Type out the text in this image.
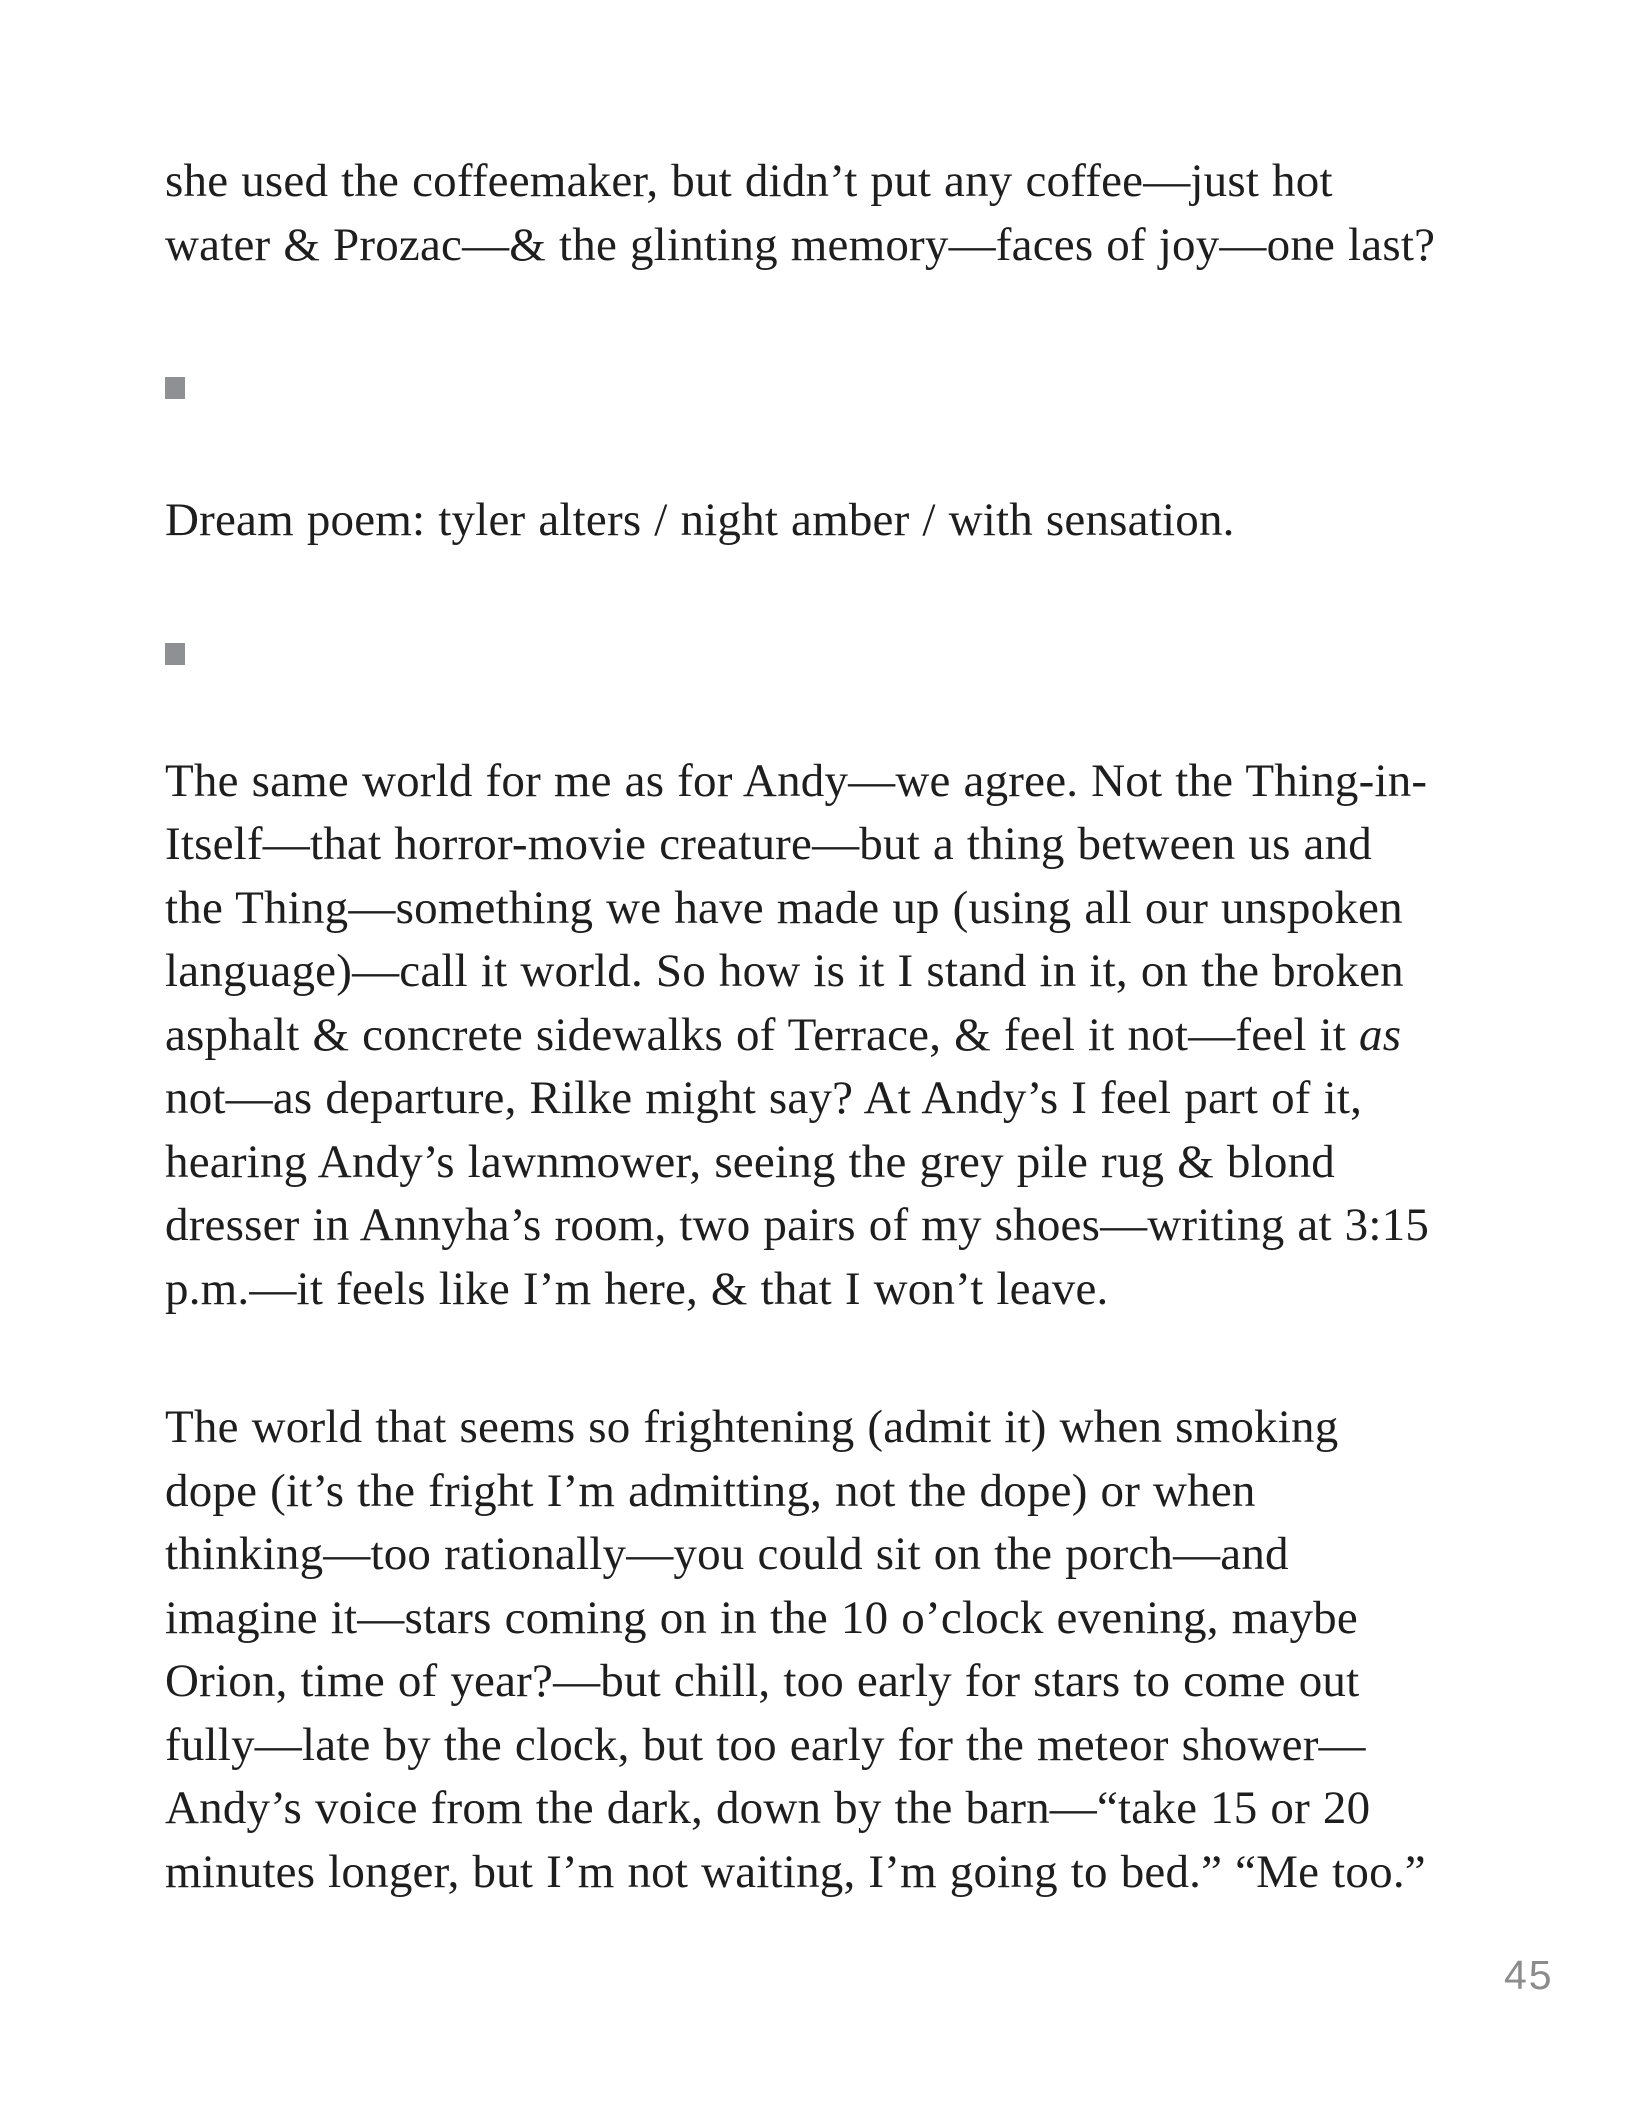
she used the coffeemaker, but didn’t put any coffee—just hot
water & Prozac—& the glinting memory—faces of joy—one last?

Dream poem: tyler alters / night amber / with sensation.

The same world for me as for Andy—we agree. Not the Thing-in-
Itself—that horror-movie creature—but a thing between us and
the Thing—something we have made up (using all our unspoken
language)—call it world. So how is it I stand in it, on the broken
asphalt & concrete sidewalks of Terrace, & feel it not—feel it as
not—as departure, Rilke might say? At Andy’s I feel part of it,
hearing Andy’s lawnmower, seeing the grey pile rug & blond
dresser in Annyha’s room, two pairs of my shoes—writing at 3:15
p.m.—it feels like I’m here, & that I won’t leave.

The world that seems so frightening (admit it) when smoking
dope (it’s the fright I’m admitting, not the dope) or when
thinking—too rationally—you could sit on the porch—and
imagine it—stars coming on in the 10 o’clock evening, maybe
Orion, time of year?—but chill, too early for stars to come out
fully—late by the clock, but too early for the meteor shower—
Andy’s voice from the dark, down by the barn—“take 15 or 20
minutes longer, but I’m not waiting, I’m going to bed.” “Me too.”

45
